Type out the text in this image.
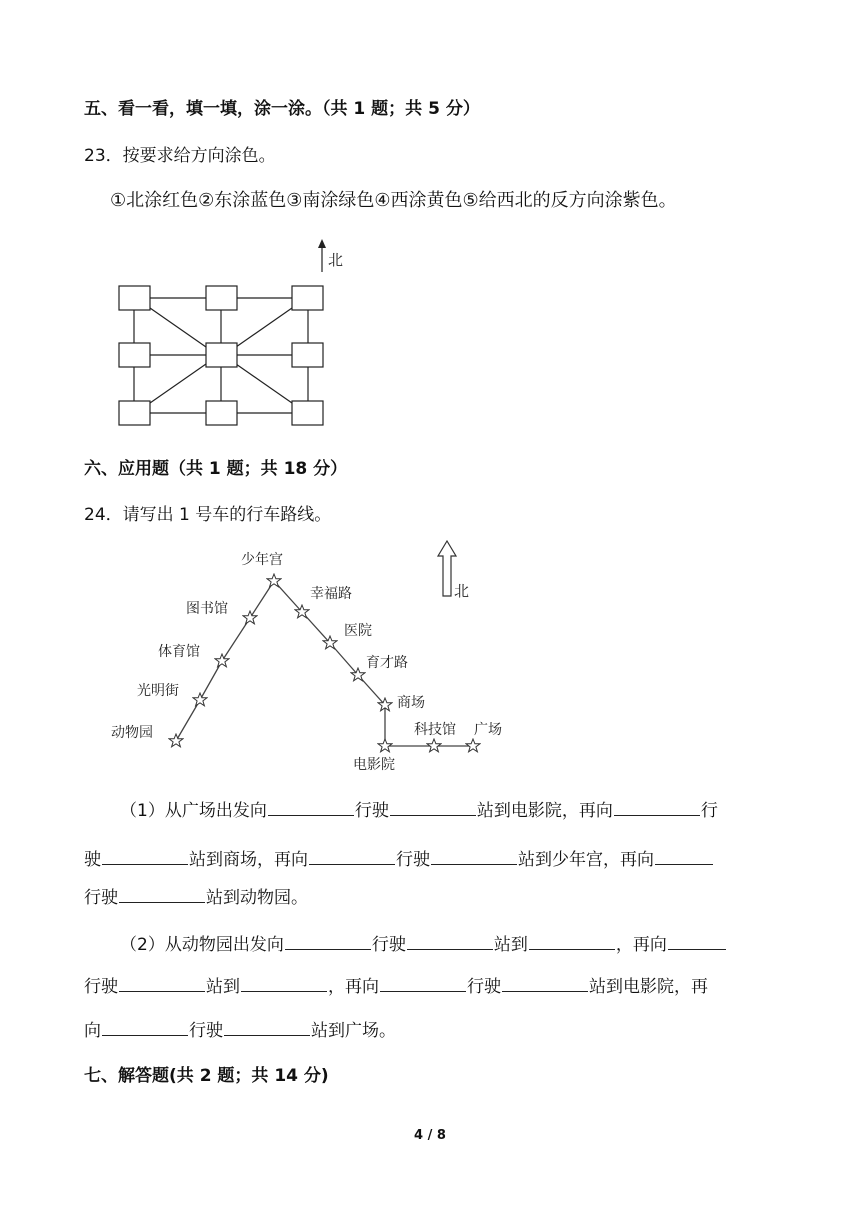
五、看一看，填一填，涂一涂。（共 1 题；共 5 分）
23．按要求给方向涂色。
①北涂红色②东涂蓝色③南涂绿色④西涂黄色⑤给西北的反方向涂紫色。
北
六、应用题（共 1 题；共 18 分）
24．请写出 1 号车的行车路线。
少年宫
图书馆
体育馆
光明街
动物园
幸福路
医院
育才路
商场
电影院
科技馆 广场
北
（1）从广场出发向	行驶	站到电影院，再向	行
驶	站到商场，再向	行驶	站到少年宫，再向
行驶	站到动物园。
（2）从动物园出发向	行驶	站到	，再向
行驶	站到	，再向	行驶	站到电影院，再
向	行驶	站到广场。
七、解答题(共 2 题；共 14 分)
4 / 8
